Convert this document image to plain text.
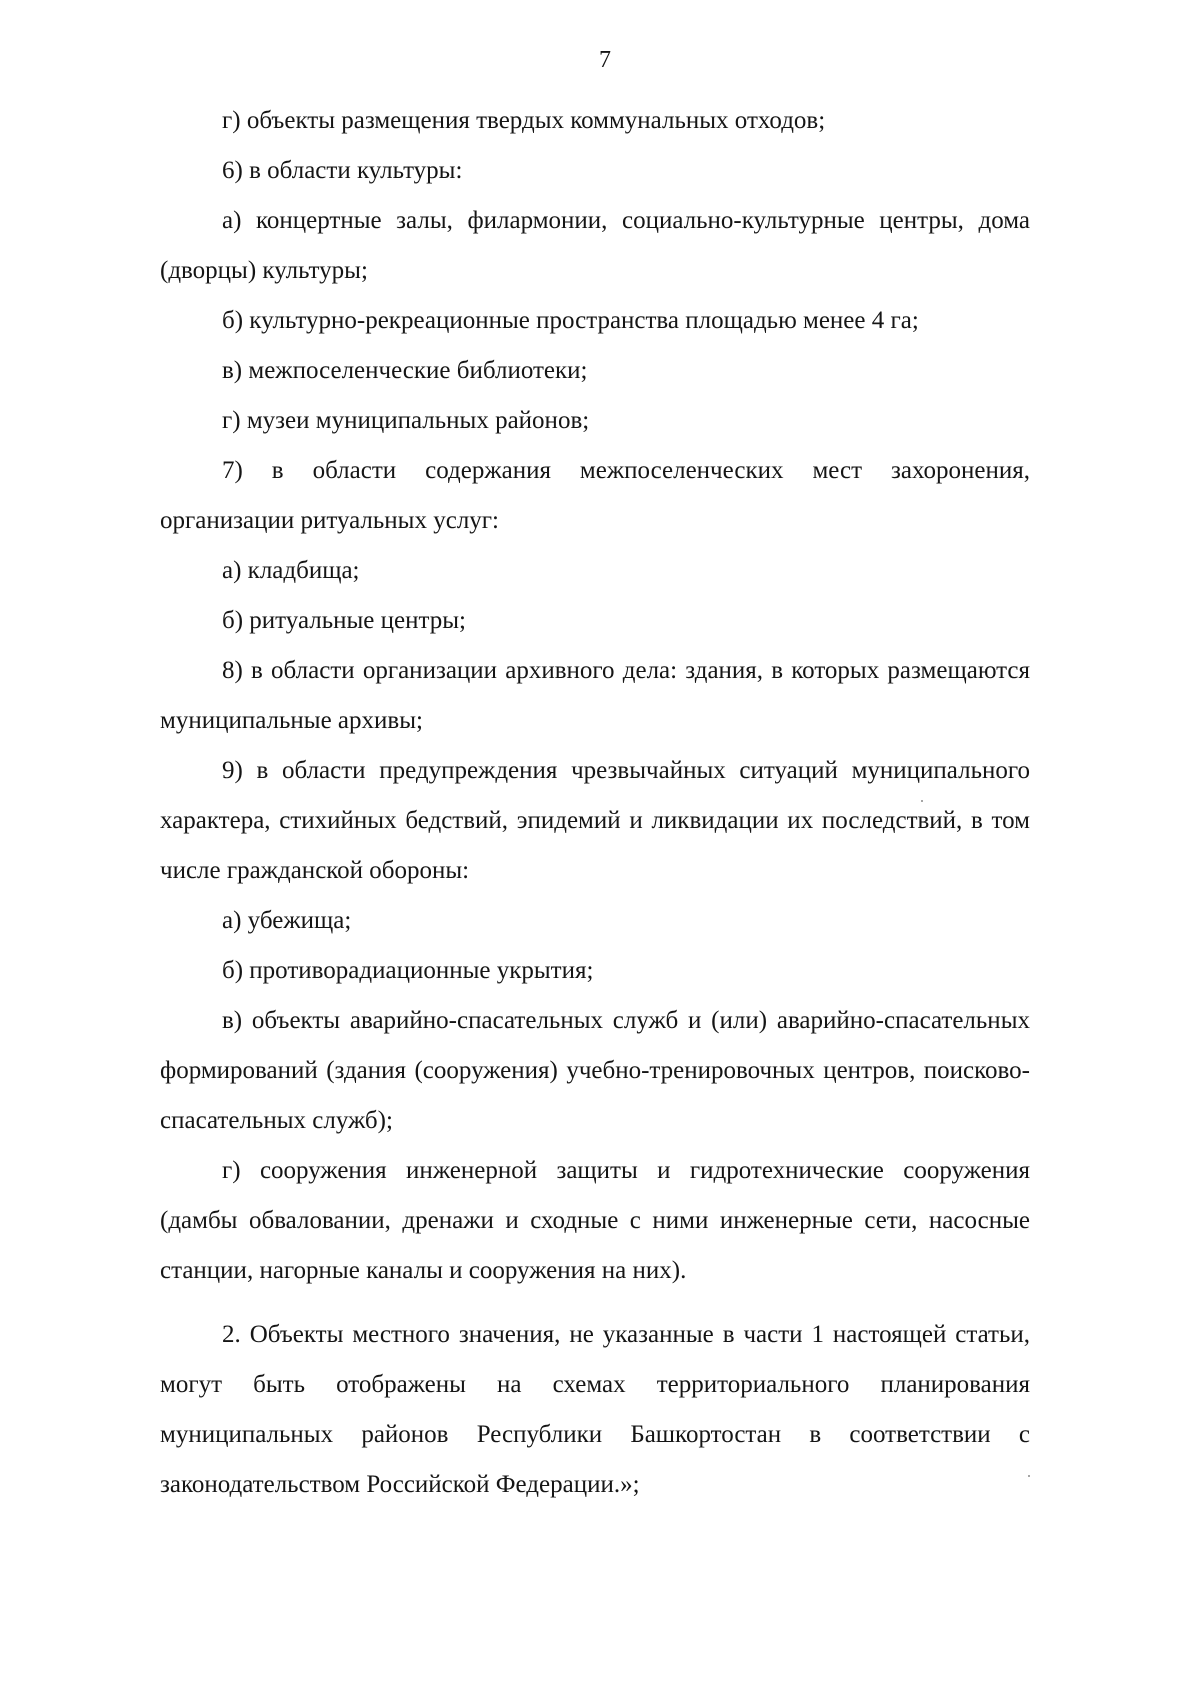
7

г) объекты размещения твердых коммунальных отходов;

6) в области культуры:

а) концертные залы, филармонии, социально-культурные центры, дома (дворцы) культуры;

б) культурно-рекреационные пространства площадью менее 4 га;

в) межпоселенческие библиотеки;

г) музеи муниципальных районов;

7) в области содержания межпоселенческих мест захоронения, организации ритуальных услуг:

а) кладбища;

б) ритуальные центры;

8) в области организации архивного дела: здания, в которых размещаются муниципальные архивы;

9) в области предупреждения чрезвычайных ситуаций муниципального характера, стихийных бедствий, эпидемий и ликвидации их последствий, в том числе гражданской обороны:

а) убежища;

б) противорадиационные укрытия;

в) объекты аварийно-спасательных служб и (или) аварийно-спасательных формирований (здания (сооружения) учебно-тренировочных центров, поисково-спасательных служб);

г) сооружения инженерной защиты и гидротехнические сооружения (дамбы обваловании, дренажи и сходные с ними инженерные сети, насосные станции, нагорные каналы и сооружения на них).

2. Объекты местного значения, не указанные в части 1 настоящей статьи, могут быть отображены на схемах территориального планирования муниципальных районов Республики Башкортостан в соответствии с законодательством Российской Федерации.»;
